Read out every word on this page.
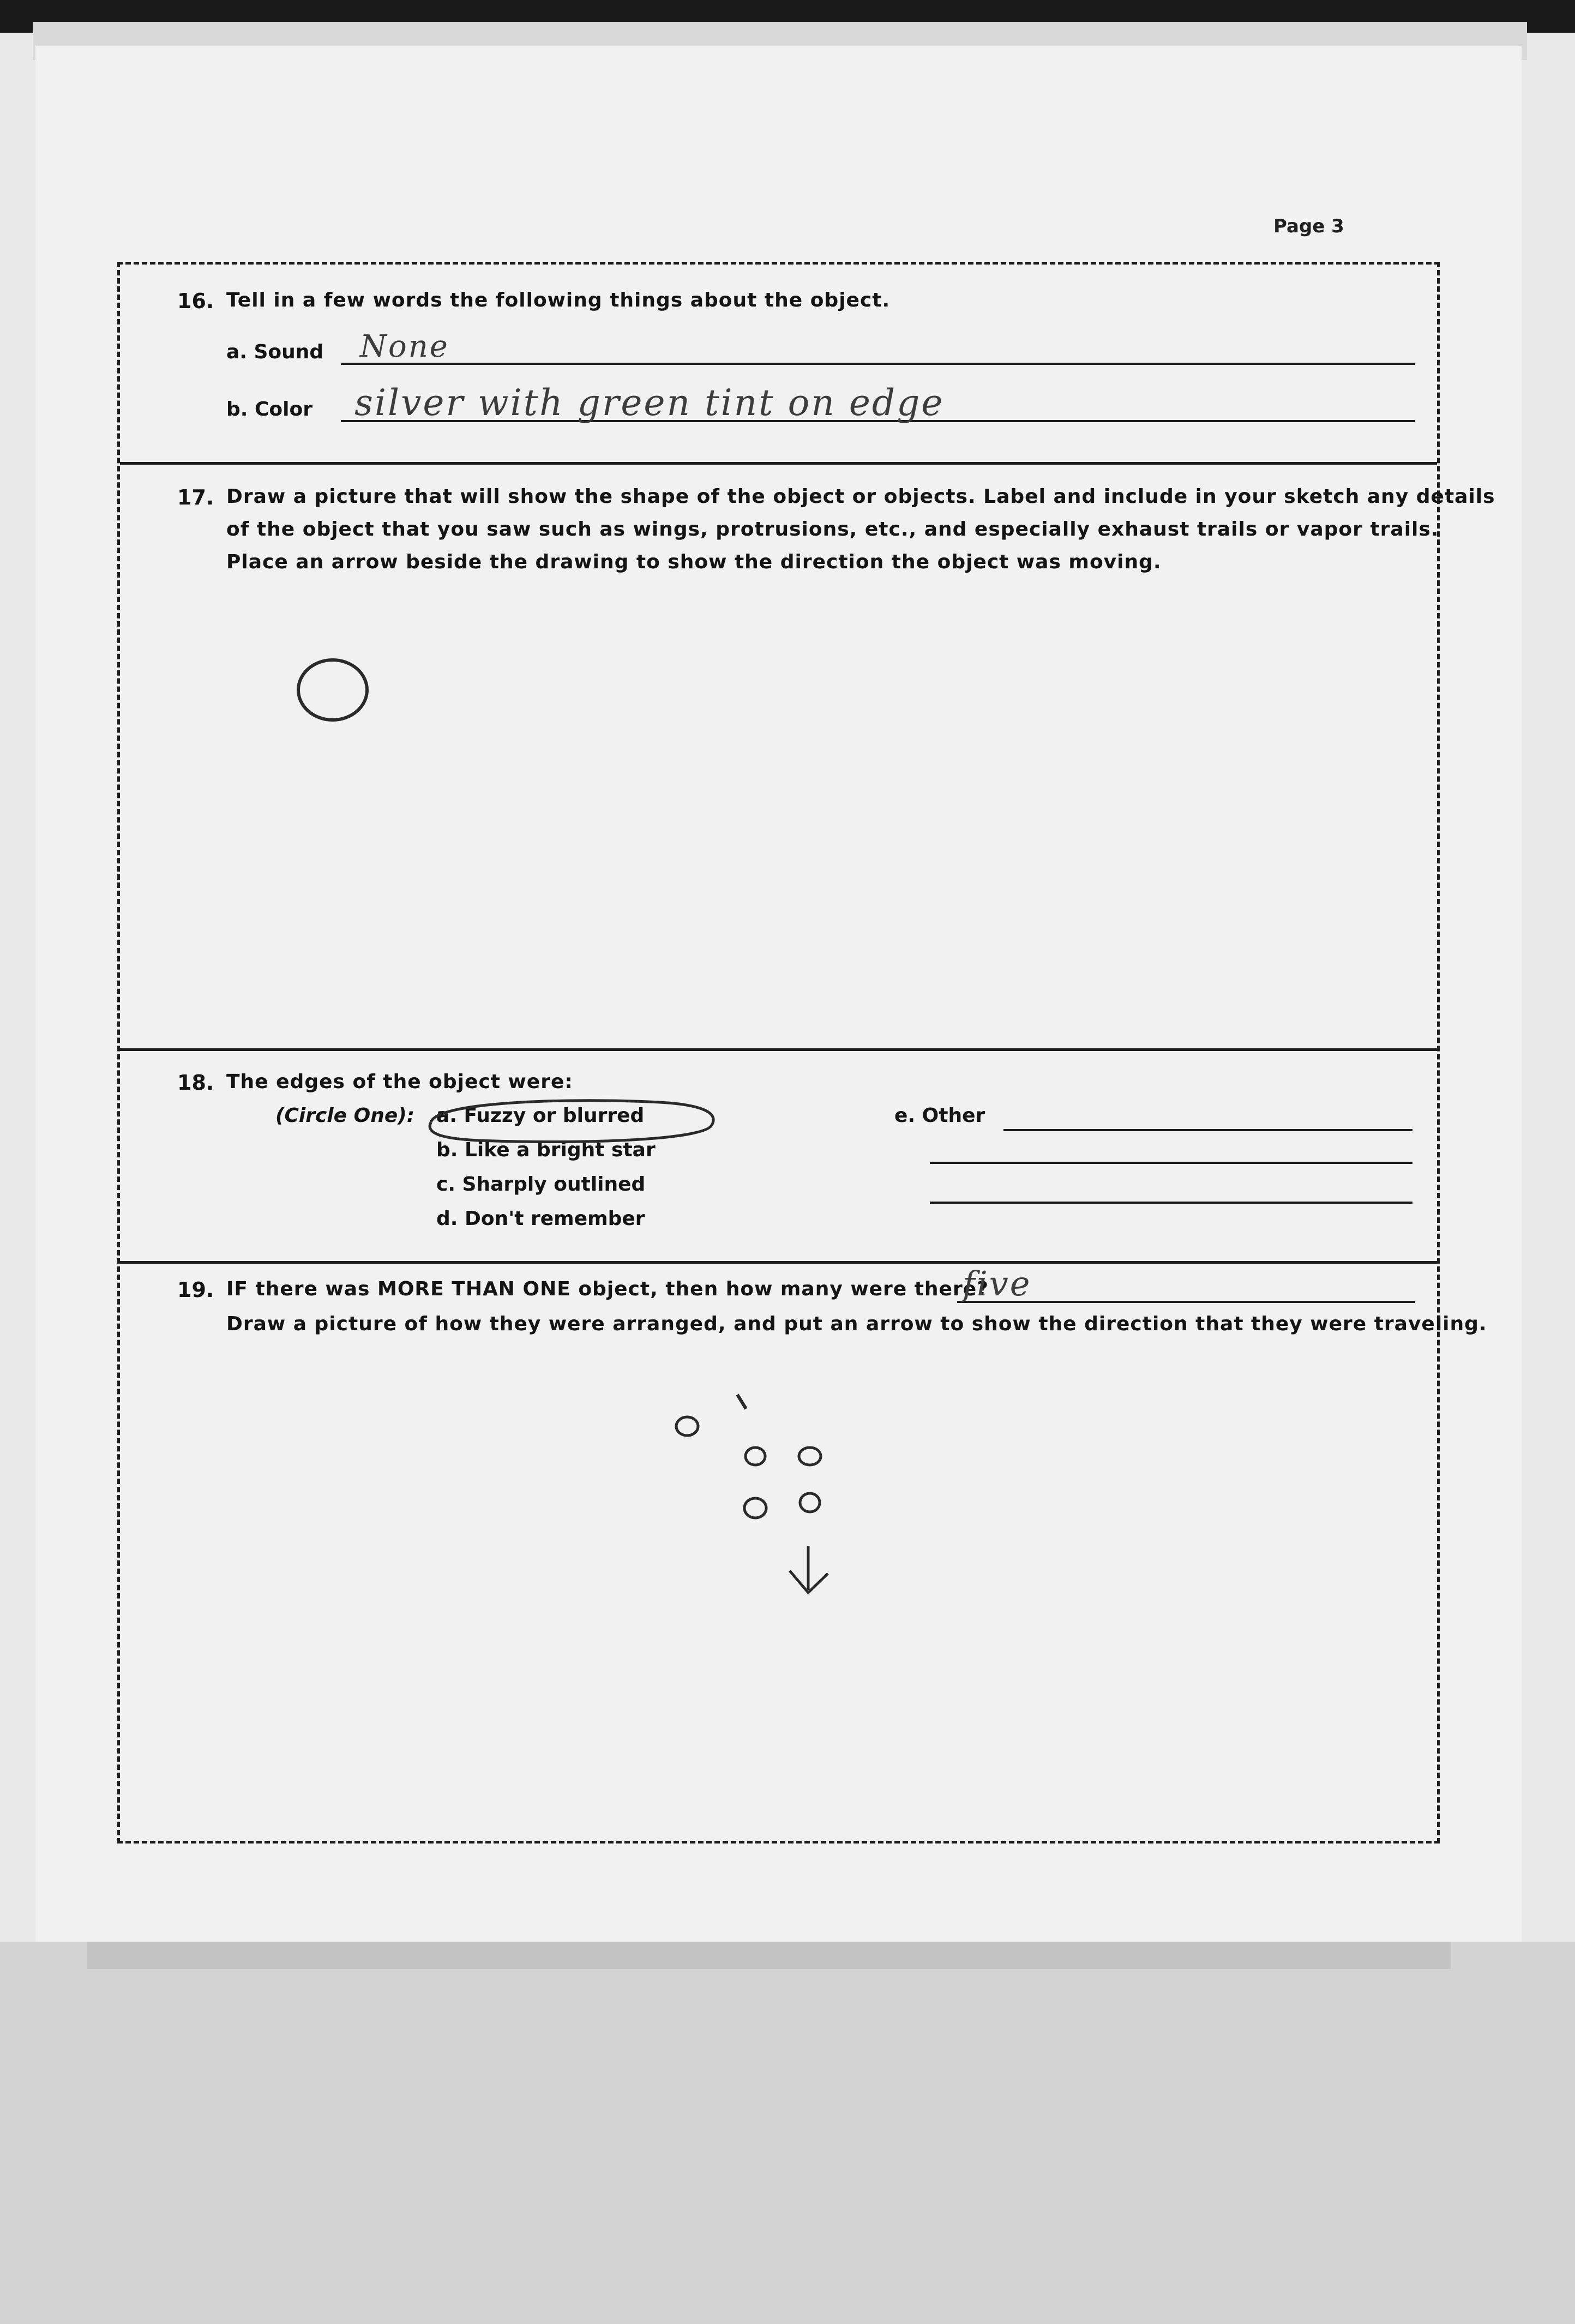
Page 3

16. Tell in a few words the following things about the object.

a. Sound None

b. Color silver with green tint on edge

17. Draw a picture that will show the shape of the object or objects. Label and include in your sketch any details

of the object that you saw such as wings, protrusions, etc., and especially exhaust trails or vapor trails.

Place an arrow beside the drawing to show the direction the object was moving.

18. The edges of the object were:

(Circle One): a. Fuzzy or blurred

b. Like a bright star

c. Sharply outlined

d. Don't remember

e. Other

19. IF there was MORE THAN ONE object, then how many were there?

five

Draw a picture of how they were arranged, and put an arrow to show the direction that they were traveling.
